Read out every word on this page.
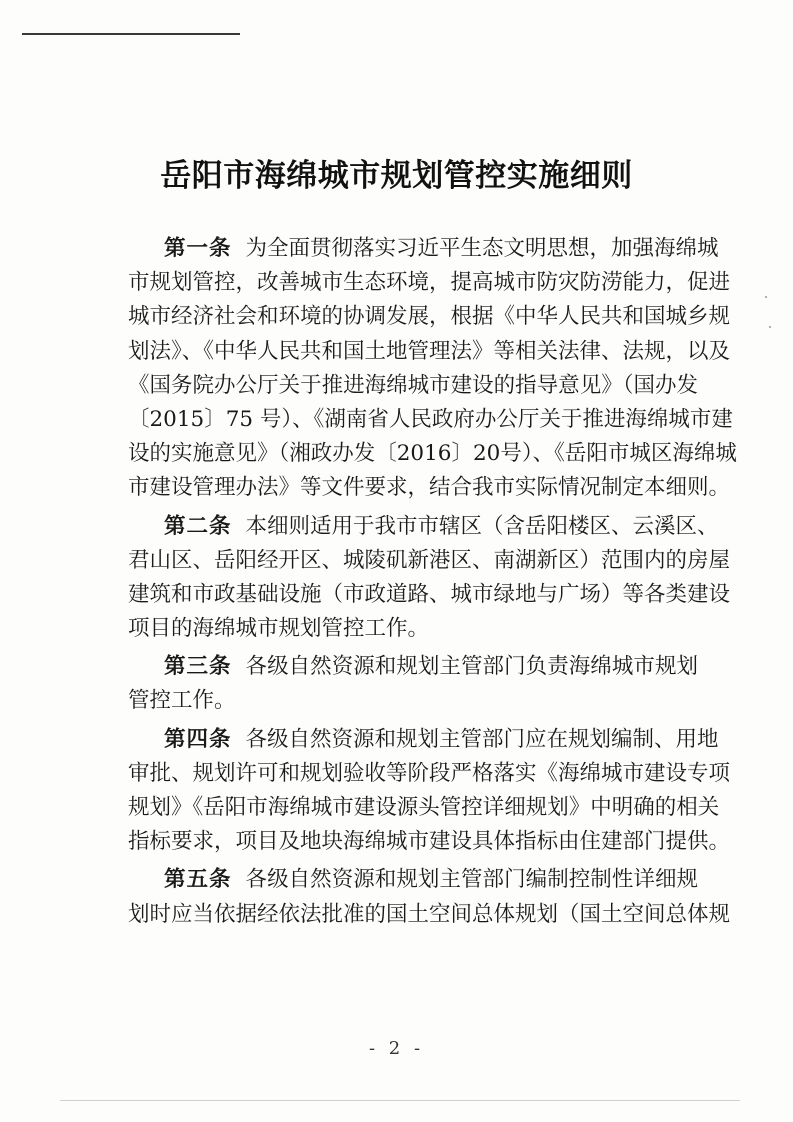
岳阳市海绵城市规划管控实施细则
第一条 为全面贯彻落实习近平生态文明思想，加强海绵城
市规划管控，改善城市生态环境，提高城市防灾防涝能力，促进
城市经济社会和环境的协调发展，根据《中华人民共和国城乡规
划法》、《中华人民共和国土地管理法》等相关法律、法规，以及
《国务院办公厅关于推进海绵城市建设的指导意见》（国办发
〔2015〕75 号）、《湖南省人民政府办公厅关于推进海绵城市建
设的实施意见》（湘政办发〔2016〕20号）、《岳阳市城区海绵城
市建设管理办法》等文件要求，结合我市实际情况制定本细则。
第二条 本细则适用于我市市辖区（含岳阳楼区、云溪区、
君山区、岳阳经开区、城陵矶新港区、南湖新区）范围内的房屋
建筑和市政基础设施（市政道路、城市绿地与广场）等各类建设
项目的海绵城市规划管控工作。
第三条 各级自然资源和规划主管部门负责海绵城市规划
管控工作。
第四条 各级自然资源和规划主管部门应在规划编制、用地
审批、规划许可和规划验收等阶段严格落实《海绵城市建设专项
规划》《岳阳市海绵城市建设源头管控详细规划》中明确的相关
指标要求，项目及地块海绵城市建设具体指标由住建部门提供。
第五条 各级自然资源和规划主管部门编制控制性详细规
划时应当依据经依法批准的国土空间总体规划（国土空间总体规
- 2 -
